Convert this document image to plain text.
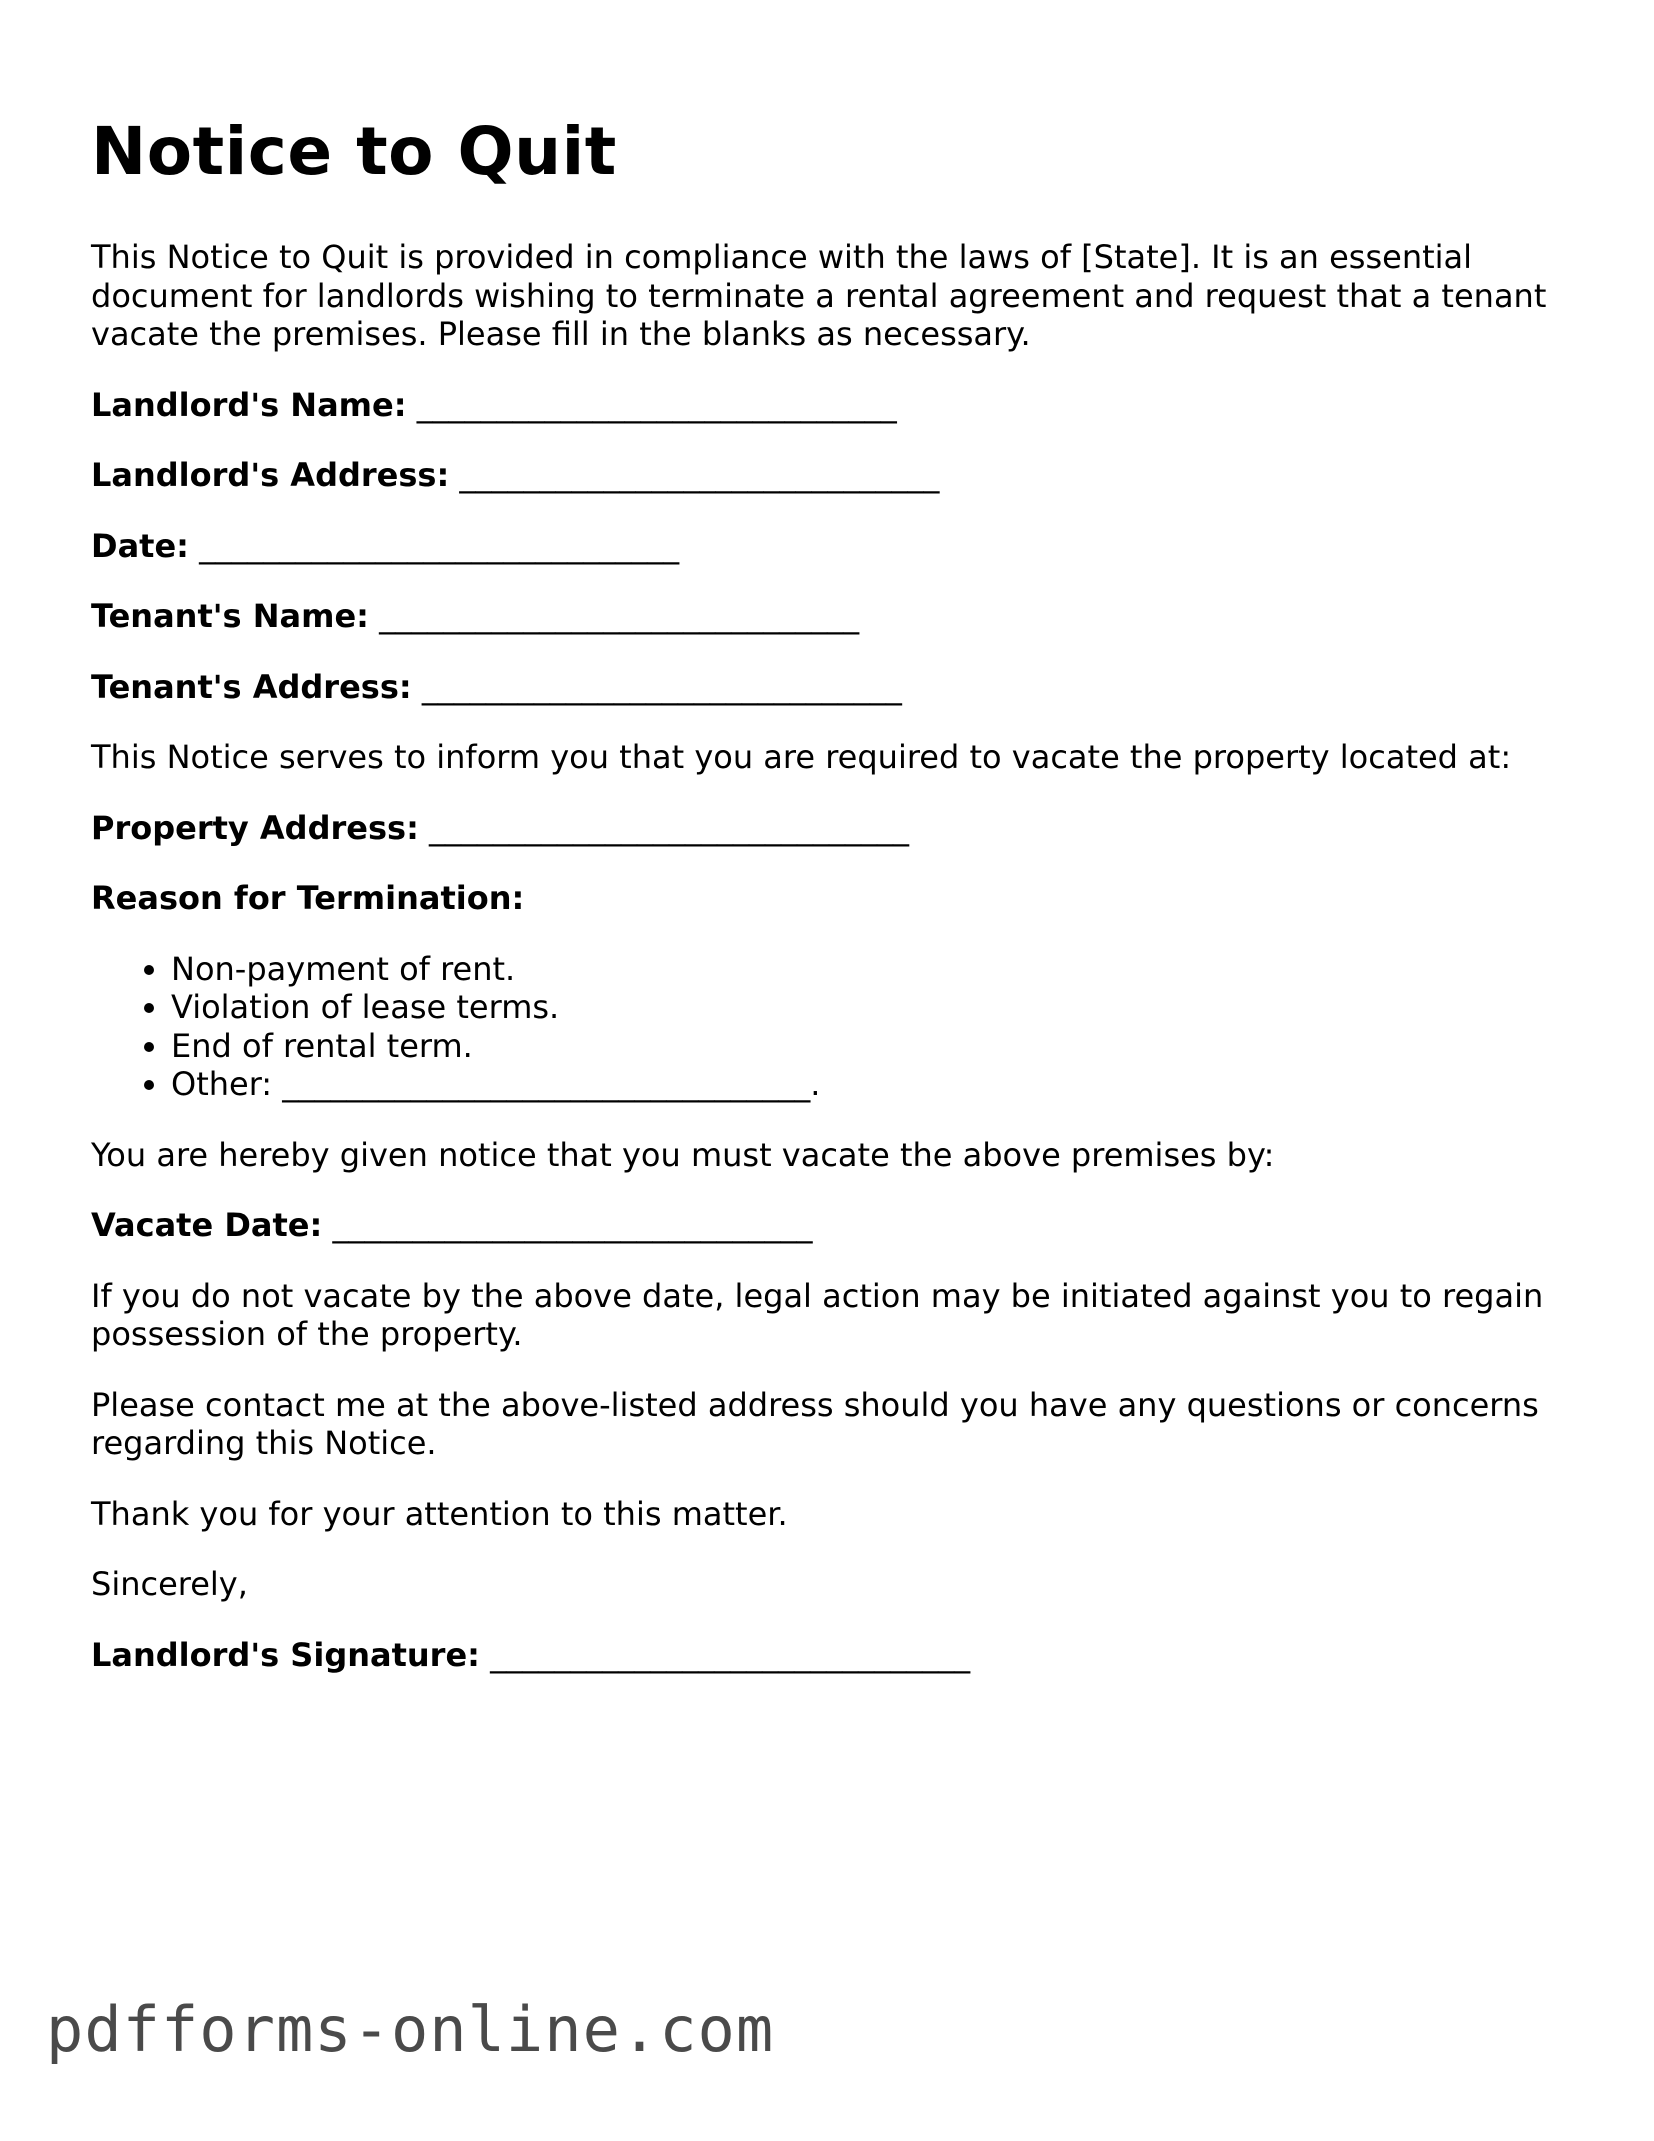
Notice to Quit

This Notice to Quit is provided in compliance with the laws of [State]. It is an essential document for landlords wishing to terminate a rental agreement and request that a tenant vacate the premises. Please fill in the blanks as necessary.

Landlord's Name: ______________________________
Landlord's Address: ______________________________
Date: ______________________________
Tenant's Name: ______________________________
Tenant's Address: ______________________________

This Notice serves to inform you that you are required to vacate the property located at:

Property Address: ______________________________
Reason for Termination:
• Non-payment of rent.
• Violation of lease terms.
• End of rental term.
• Other: _________________________________.

You are hereby given notice that you must vacate the above premises by:

Vacate Date: ______________________________

If you do not vacate by the above date, legal action may be initiated against you to regain possession of the property.

Please contact me at the above-listed address should you have any questions or concerns regarding this Notice.

Thank you for your attention to this matter.

Sincerely,

Landlord's Signature: ______________________________
pdfforms-online.com
